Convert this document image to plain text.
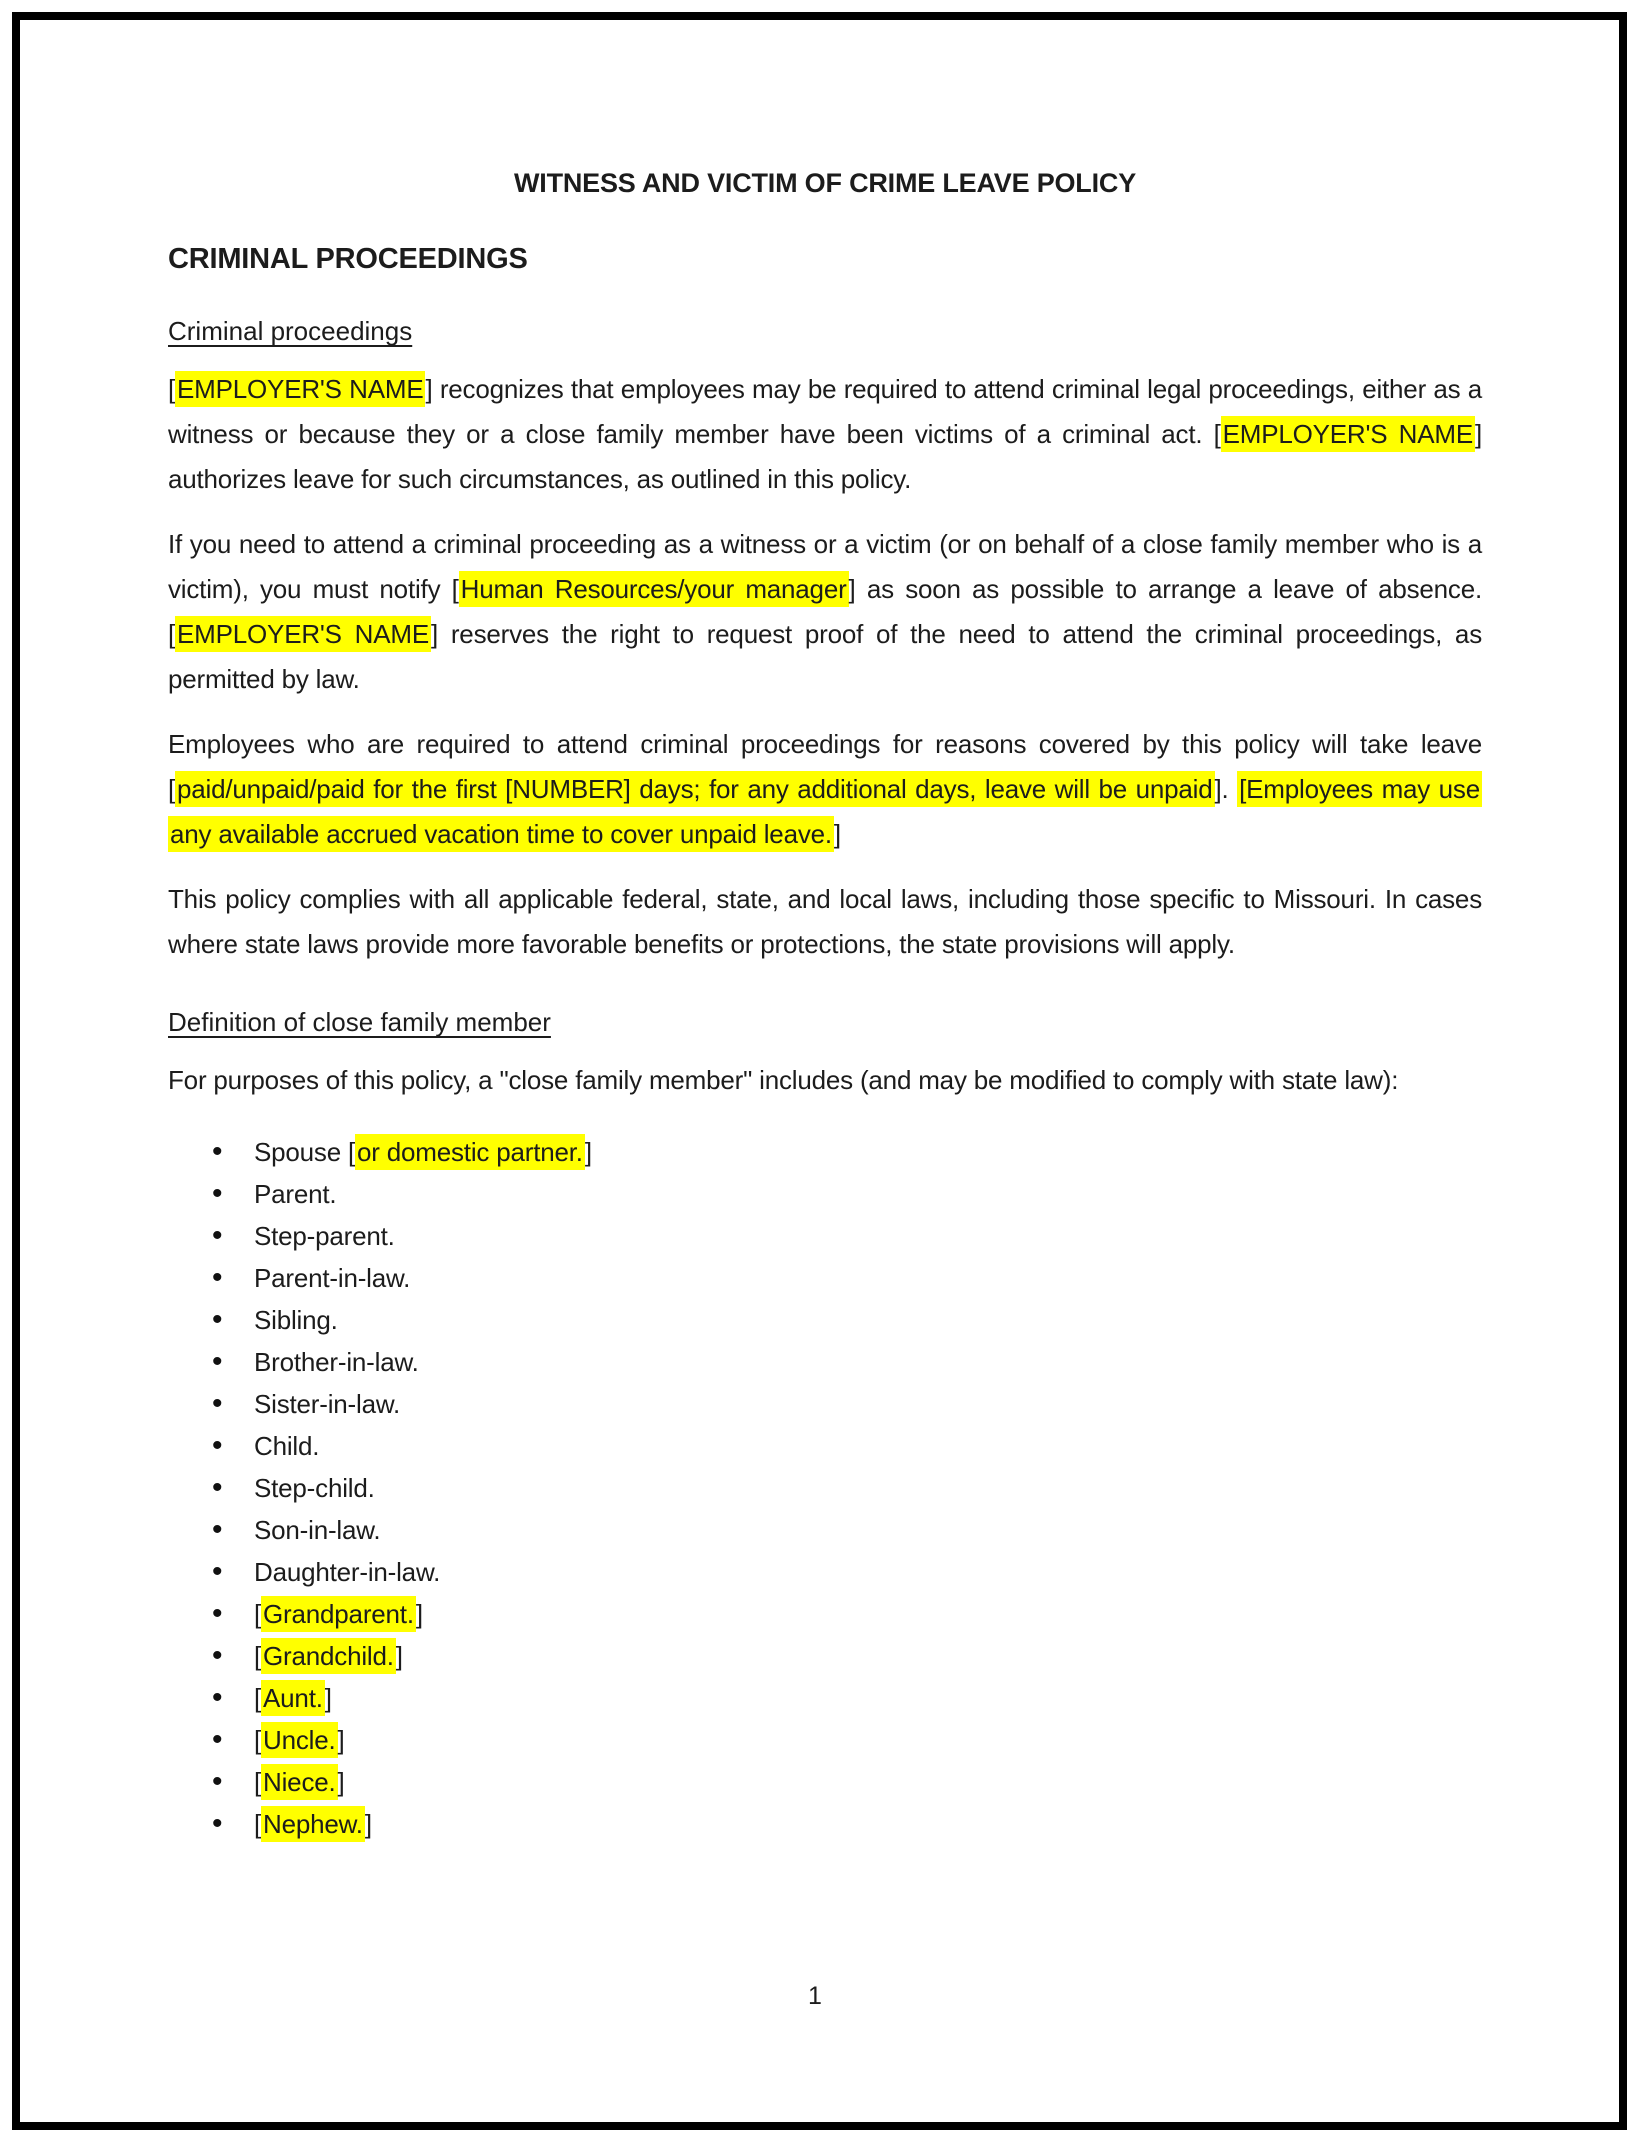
WITNESS AND VICTIM OF CRIME LEAVE POLICY
CRIMINAL PROCEEDINGS
Criminal proceedings

[EMPLOYER'S NAME] recognizes that employees may be required to attend criminal legal proceedings, either as a witness or because they or a close family member have been victims of a criminal act. [EMPLOYER'S NAME] authorizes leave for such circumstances, as outlined in this policy.

If you need to attend a criminal proceeding as a witness or a victim (or on behalf of a close family member who is a victim), you must notify [Human Resources/your manager] as soon as possible to arrange a leave of absence. [EMPLOYER'S NAME] reserves the right to request proof of the need to attend the criminal proceedings, as permitted by law.

Employees who are required to attend criminal proceedings for reasons covered by this policy will take leave [paid/unpaid/paid for the first [NUMBER] days; for any additional days, leave will be unpaid]. [Employees may use any available accrued vacation time to cover unpaid leave.]

This policy complies with all applicable federal, state, and local laws, including those specific to Missouri. In cases where state laws provide more favorable benefits or protections, the state provisions will apply.

Definition of close family member

For purposes of this policy, a "close family member" includes (and may be modified to comply with state law):

• Spouse [or domestic partner.]
• Parent.
• Step-parent.
• Parent-in-law.
• Sibling.
• Brother-in-law.
• Sister-in-law.
• Child.
• Step-child.
• Son-in-law.
• Daughter-in-law.
• [Grandparent.]
• [Grandchild.]
• [Aunt.]
• [Uncle.]
• [Niece.]
• [Nephew.]
1
